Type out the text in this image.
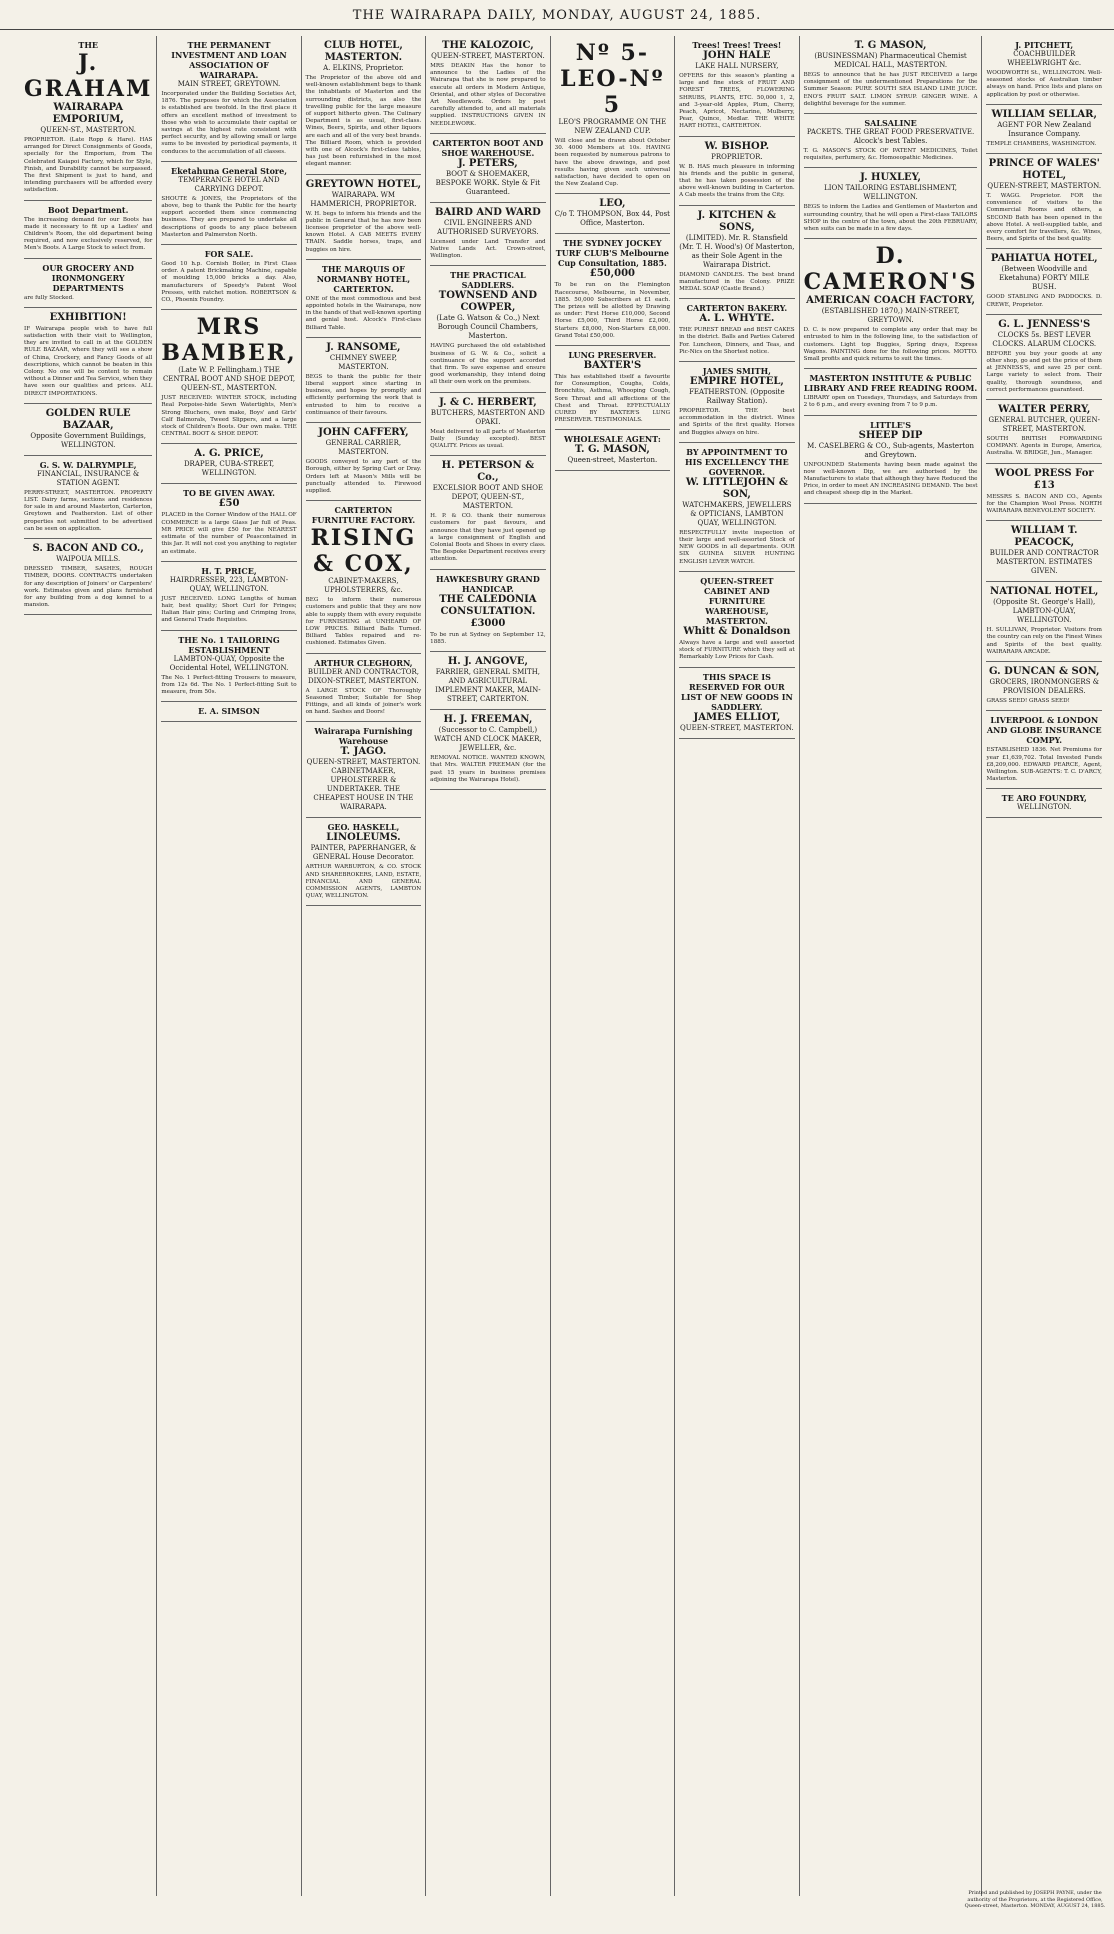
THE WAIRARAPA DAILY, MONDAY, AUGUST 24, 1885.
THE
J. GRAHAM
WAIRARAPA EMPORIUM,
QUEEN-ST., MASTERTON.
PROPRIETOR. (Late Ropp & Hare). HAS arranged for Direct Consignments of Goods, specially for the Emporium, from The Celebrated Kaiapoi Factory, which for Style, Finish, and Durability cannot be surpassed. The first Shipment is just to hand, and intending purchasers will be afforded every satisfaction.
Boot Department.
The increasing demand for our Boots has made it necessary to fit up a Ladies' and Children's Room, the old department being required, and now exclusively reserved, for Men's Boots. A Large Stock to select from.
OUR GROCERY AND IRONMONGERY DEPARTMENTS
are fully Stocked.
EXHIBITION!
IF Wairarapa people wish to have full satisfaction with their visit to Wellington, they are invited to call in at the GOLDEN RULE BAZAAR, where they will see a show of China, Crockery, and Fancy Goods of all descriptions, which cannot be beaten in this Colony. No one will be content to remain without a Dinner and Tea Service, when they have seen our qualities and prices. ALL DIRECT IMPORTATIONS.
GOLDEN RULE BAZAAR,
Opposite Government Buildings, WELLINGTON.
G. S. W. DALRYMPLE,
FINANCIAL, INSURANCE & STATION AGENT.
PERRY-STREET, MASTERTON. PROPERTY LIST. Dairy farms, sections and residences for sale in and around Masterton, Carterton, Greytown and Featherston. List of other properties not submitted to be advertised can be seen on application.
S. BACON AND CO.,
WAIPOUA MILLS.
DRESSED TIMBER, SASHES, ROUGH TIMBER, DOORS. CONTRACTS undertaken for any description of Joiners' or Carpenters' work. Estimates given and plans furnished for any building from a dog kennel to a mansion.
THE PERMANENT INVESTMENT AND LOAN ASSOCIATION OF WAIRARAPA.
MAIN STREET, GREYTOWN.
Incorporated under the Building Societies Act, 1876. The purposes for which the Association is established are twofold. In the first place it offers an excellent method of investment to those who wish to accumulate their capital or savings at the highest rate consistent with perfect security, and by allowing small or large sums to be invested by periodical payments, it conduces to the accumulation of all classes.
Eketahuna General Store,
TEMPERANCE HOTEL AND CARRYING DEPOT.
SHOUTE & JONES, the Proprietors of the above, beg to thank the Public for the hearty support accorded them since commencing business. They are prepared to undertake all descriptions of goods to any place between Masterton and Palmerston North.
FOR SALE.
Good 10 h.p. Cornish Boiler, in First Class order. A patent Brickmaking Machine, capable of moulding 15,000 bricks a day. Also, manufacturers of Speedy's Patent Wool Presses, with ratchet motion. ROBERTSON & CO., Phoenix Foundry.
MRS BAMBER,
(Late W. P. Fellingham.) THE CENTRAL BOOT AND SHOE DEPOT, QUEEN-ST., MASTERTON.
JUST RECEIVED: WINTER STOCK, including Real Porpoise-hide Sewn Watertights, Men's Strong Bluchers, own make, Boys' and Girls' Calf Balmorals, Tweed Slippers, and a large stock of Children's Boots. Our own make. THE CENTRAL BOOT & SHOE DEPOT.
A. G. PRICE,
DRAPER, CUBA-STREET, WELLINGTON.
TO BE GIVEN AWAY.
£50
PLACED in the Corner Window of the HALL OF COMMERCE is a large Glass Jar full of Peas. MR PRICE will give £50 for the NEAREST estimate of the number of Peascontained in this Jar. It will not cost you anything to register an estimate.
H. T. PRICE,
HAIRDRESSER, 223, LAMBTON-QUAY, WELLINGTON.
JUST RECEIVED. LONG Lengths of human hair, best quality; Short Curl for Fringes; Italian Hair pins; Curling and Crimping Irons, and General Trade Requisites.
THE No. 1 TAILORING ESTABLISHMENT
LAMBTON-QUAY, Opposite the Occidental Hotel, WELLINGTON.
The No. 1 Perfect-fitting Trousers to measure, from 12s 6d. The No. 1 Perfect-fitting Suit to measure, from 50s.
E. A. SIMSON
CLUB HOTEL, MASTERTON.
A. ELKINS, Proprietor.
The Proprietor of the above old and well-known establishment begs to thank the inhabitants of Masterton and the surrounding districts, as also the travelling public for the large measure of support hitherto given. The Culinary Department is as usual, first-class. Wines, Beers, Spirits, and other liquors are each and all of the very best brands. The Billiard Room, which is provided with one of Alcock's first-class tables, has just been refurnished in the most elegant manner.
GREYTOWN HOTEL,
WAIRARAPA. WM HAMMERICH, PROPRIETOR.
W. H. begs to inform his friends and the public in General that he has now been licensee proprietor of the above well-known Hotel. A CAB MEETS EVERY TRAIN. Saddle horses, traps, and buggies on hire.
THE MARQUIS OF NORMANBY HOTEL, CARTERTON.
ONE of the most commodious and best appointed hotels in the Wairarapa, now in the hands of that well-known sporting and genial host. Alcock's First-class Billiard Table.
J. RANSOME,
CHIMNEY SWEEP, MASTERTON.
BEGS to thank the public for their liberal support since starting in business, and hopes by promptly and efficiently performing the work that is entrusted to him to receive a continuance of their favours.
JOHN CAFFERY,
GENERAL CARRIER, MASTERTON.
GOODS conveyed to any part of the Borough, either by Spring Cart or Dray. Orders left at Mason's Mills will be punctually attended to. Firewood supplied.
CARTERTON FURNITURE FACTORY.
RISING & COX,
CABINET-MAKERS, UPHOLSTERERS, &c.
BEG to inform their numerous customers and public that they are now able to supply them with every requisite for FURNISHING at UNHEARD OF LOW PRICES. Billiard Balls Turned. Billiard Tables repaired and re-cushioned. Estimates Given.
ARTHUR CLEGHORN,
BUILDER AND CONTRACTOR, DIXON-STREET, MASTERTON.
A LARGE STOCK OF Thoroughly Seasoned Timber, Suitable for Shop Fittings, and all kinds of joiner's work on hand. Sashes and Doors!
Wairarapa Furnishing Warehouse
T. JAGO.
QUEEN-STREET, MASTERTON. CABINETMAKER, UPHOLSTERER & UNDERTAKER. THE CHEAPEST HOUSE IN THE WAIRARAPA.
GEO. HASKELL,
LINOLEUMS.
PAINTER, PAPERHANGER, & GENERAL House Decorator.
ARTHUR WARBURTON, & CO. STOCK AND SHAREBROKERS, LAND, ESTATE, FINANCIAL AND GENERAL COMMISSION AGENTS, LAMBTON QUAY, WELLINGTON.
THE KALOZOIC,
QUEEN-STREET, MASTERTON.
MRS DEAKIN Has the honor to announce to the Ladies of the Wairarapa that she is now prepared to execute all orders in Modern Antique, Oriental, and other styles of Decorative Art Needlework. Orders by post carefully attended to, and all materials supplied. INSTRUCTIONS GIVEN IN NEEDLEWORK.
CARTERTON BOOT AND SHOE WAREHOUSE.
J. PETERS,
BOOT & SHOEMAKER, BESPOKE WORK. Style & Fit Guaranteed.
BAIRD AND WARD
CIVIL ENGINEERS AND AUTHORISED SURVEYORS.
Licensed under Land Transfer and Native Lands Act. Crown-street, Wellington.
THE PRACTICAL SADDLERS.
TOWNSEND AND COWPER,
(Late G. Watson & Co.,) Next Borough Council Chambers, Masterton.
HAVING purchased the old established business of G. W. & Co., solicit a continuance of the support accorded that firm. To save expense and ensure good workmanship, they intend doing all their own work on the premises.
J. & C. HERBERT,
BUTCHERS, MASTERTON AND OPAKI.
Meat delivered to all parts of Masterton Daily (Sunday excepted). BEST QUALITY. Prices as usual.
H. PETERSON & Co.,
EXCELSIOR BOOT AND SHOE DEPOT, QUEEN-ST., MASTERTON.
H. P. & CO. thank their numerous customers for past favours, and announce that they have just opened up a large consignment of English and Colonial Boots and Shoes in every class. The Bespoke Department receives every attention.
HAWKESBURY GRAND HANDICAP.
THE CALEDONIA CONSULTATION. £3000
To be run at Sydney on September 12, 1885.
H. J. ANGOVE,
FARRIER, GENERAL SMITH, AND AGRICULTURAL IMPLEMENT MAKER, MAIN-STREET, CARTERTON.
H. J. FREEMAN,
(Successor to C. Campbell,) WATCH AND CLOCK MAKER, JEWELLER, &c.
REMOVAL NOTICE. WANTED KNOWN, that Mrs. WALTER FREEMAN (for the past 15 years in business premises adjoining the Wairarapa Hotel).
Nº 5-LEO-Nº 5
LEO'S PROGRAMME ON THE NEW ZEALAND CUP.
Will close and be drawn about October 30. 4000 Members at 10s. HAVING been requested by numerous patrons to have the above drawings, and post results having given such universal satisfaction, have decided to open on the New Zealand Cup.
LEO,
C/o T. THOMPSON, Box 44, Post Office, Masterton.
THE SYDNEY JOCKEY TURF CLUB'S Melbourne Cup Consultation, 1885.
£50,000
To be run on the Flemington Racecourse, Melbourne, in November, 1885. 50,000 Subscribers at £1 each. The prizes will be allotted by Drawing as under: First Horse £10,000, Second Horse £5,000, Third Horse £2,000, Starters £8,000, Non-Starters £8,000. Grand Total £50,000.
LUNG PRESERVER.
BAXTER'S
This has established itself a favourite for Consumption, Coughs, Colds, Bronchitis, Asthma, Whooping Cough, Sore Throat and all affections of the Chest and Throat. EFFECTUALLY CURED BY BAXTER'S LUNG PRESERVER. TESTIMONIALS.
WHOLESALE AGENT:
T. G. MASON,
Queen-street, Masterton.
Trees! Trees! Trees!
JOHN HALE
LAKE HALL NURSERY,
OFFERS for this season's planting a large and fine stock of FRUIT AND FOREST TREES, FLOWERING SHRUBS, PLANTS, ETC. 50,000 1, 2, and 3-year-old Apples, Plum, Cherry, Peach, Apricot, Nectarine, Mulberry, Pear, Quince, Medlar. THE WHITE HART HOTEL, CARTERTON.
W. BISHOP.
PROPRIETOR.
W. B. HAS much pleasure in informing his friends and the public in general, that he has taken possession of the above well-known building in Carterton. A Cab meets the trains from the City.
J. KITCHEN & SONS,
(LIMITED). Mr. R. Stansfield (Mr. T. H. Wood's) Of Masterton, as their Sole Agent in the Wairarapa District.
DIAMOND CANDLES. The best brand manufactured in the Colony. PRIZE MEDAL SOAP (Castle Brand.)
CARTERTON BAKERY.
A. L. WHYTE.
THE PUREST BREAD and BEST CAKES in the district. Balls and Parties Catered For. Luncheon, Dinners, and Teas, and Pic-Nics on the Shortest notice.
JAMES SMITH,
EMPIRE HOTEL,
FEATHERSTON. (Opposite Railway Station).
PROPRIETOR. THE best accommodation in the district. Wines and Spirits of the first quality. Horses and Buggies always on hire.
BY APPOINTMENT TO HIS EXCELLENCY THE GOVERNOR.
W. LITTLEJOHN & SON,
WATCHMAKERS, JEWELLERS & OPTICIANS, LAMBTON QUAY, WELLINGTON.
RESPECTFULLY invite inspection of their large and well-assorted Stock of NEW GOODS in all departments. OUR SIX GUINEA SILVER HUNTING ENGLISH LEVER WATCH.
QUEEN-STREET CABINET AND FURNITURE WAREHOUSE, MASTERTON.
Whitt & Donaldson
Always have a large and well assorted stock of FURNITURE which they sell at Remarkably Low Prices for Cash.
THIS SPACE IS RESERVED FOR OUR LIST OF NEW GOODS IN SADDLERY.
JAMES ELLIOT,
QUEEN-STREET, MASTERTON.
T. G MASON,
(BUSINESSMAN) Pharmaceutical Chemist MEDICAL HALL, MASTERTON.
BEGS to announce that he has JUST RECEIVED a large consignment of the undermentioned Preparations for the Summer Season: PURE SOUTH SEA ISLAND LIME JUICE. ENO'S FRUIT SALT. LIMON SYRUP. GINGER WINE. A delightful beverage for the summer.
SALSALINE
PACKETS. THE GREAT FOOD PRESERVATIVE. Alcock's best Tables.
T. G. MASON'S STOCK OF PATENT MEDICINES, Toilet requisites, perfumery, &c. Homoeopathic Medicines.
J. HUXLEY,
LION TAILORING ESTABLISHMENT, WELLINGTON.
BEGS to inform the Ladies and Gentlemen of Masterton and surrounding country, that he will open a First-class TAILORS SHOP in the centre of the town, about the 20th FEBRUARY, when suits can be made in a few days.
D. CAMERON'S
AMERICAN COACH FACTORY,
(ESTABLISHED 1870,) MAIN-STREET, GREYTOWN.
D. C. is now prepared to complete any order that may be entrusted to him in the following line, to the satisfaction of customers. Light top Buggies, Spring drays, Express Wagons. PAINTING done for the following prices. MOTTO. Small profits and quick returns to suit the times.
MASTERTON INSTITUTE & PUBLIC LIBRARY AND FREE READING ROOM.
LIBRARY open on Tuesdays, Thursdays, and Saturdays from 2 to 6 p.m., and every evening from 7 to 9 p.m.
LITTLE'S
SHEEP DIP
M. CASELBERG & CO., Sub-agents, Masterton and Greytown.
UNFOUNDED Statements having been made against the now well-known Dip, we are authorised by the Manufacturers to state that although they have Reduced the Price, in order to meet AN INCREASING DEMAND. The best and cheapest sheep dip in the Market.
J. PITCHETT,
COACHBUILDER WHEELWRIGHT &c.
WOODWORTH St., WELLINGTON. Well-seasoned stocks of Australian timber always on hand. Price lists and plans on application by post or otherwise.
WILLIAM SELLAR,
AGENT FOR New Zealand Insurance Company.
TEMPLE CHAMBERS, WASHINGTON.
PRINCE OF WALES' HOTEL,
QUEEN-STREET, MASTERTON.
T. WAGG. Proprietor. FOR the convenience of visitors to the Commercial Rooms and others, a SECOND Bath has been opened in the above Hotel. A well-supplied table, and every comfort for travellers, &c. Wines, Beers, and Spirits of the best quality.
PAHIATUA HOTEL,
(Between Woodville and Eketahuna) FORTY MILE BUSH.
GOOD STABLING AND PADDOCKS. D. CREWE, Proprietor.
G. L. JENNESS'S
CLOCKS 5s. BEST LEVER CLOCKS. ALARUM CLOCKS.
BEFORE you buy your goods at any other shop, go and get the price of them at JENNESS'S, and save 25 per cent. Large variety to select from. Their quality, thorough soundness, and correct performances guaranteed.
WALTER PERRY,
GENERAL BUTCHER, QUEEN-STREET, MASTERTON.
SOUTH BRITISH FORWARDING COMPANY. Agents in Europe, America, Australia. W. BRIDGE, Jun., Manager.
WOOL PRESS For £13
MESSRS S. BACON AND CO., Agents for the Champion Wool Press. NORTH WAIRARAPA BENEVOLENT SOCIETY.
WILLIAM T. PEACOCK,
BUILDER AND CONTRACTOR MASTERTON. ESTIMATES GIVEN.
NATIONAL HOTEL,
(Opposite St. George's Hall), LAMBTON-QUAY, WELLINGTON.
H. SULLIVAN, Proprietor. Visitors from the country can rely on the Finest Wines and Spirits of the best quality. WAIRARAPA ARCADE.
G. DUNCAN & SON,
GROCERS, IRONMONGERS & PROVISION DEALERS.
GRASS SEED! GRASS SEED!
LIVERPOOL & LONDON AND GLOBE INSURANCE COMPY.
ESTABLISHED 1836. Net Premiums for year £1,639,702. Total Invested Funds £8,209,000. EDWARD PEARCE, Agent, Wellington. SUB-AGENTS: T. C. D'ARCY, Masterton.
TE ARO FOUNDRY,
WELLINGTON.
Printed and published by JOSEPH PAYNE, under the authority of the Proprietors, at the Registered Office, Queen-street, Masterton. MONDAY, AUGUST 24, 1885.
